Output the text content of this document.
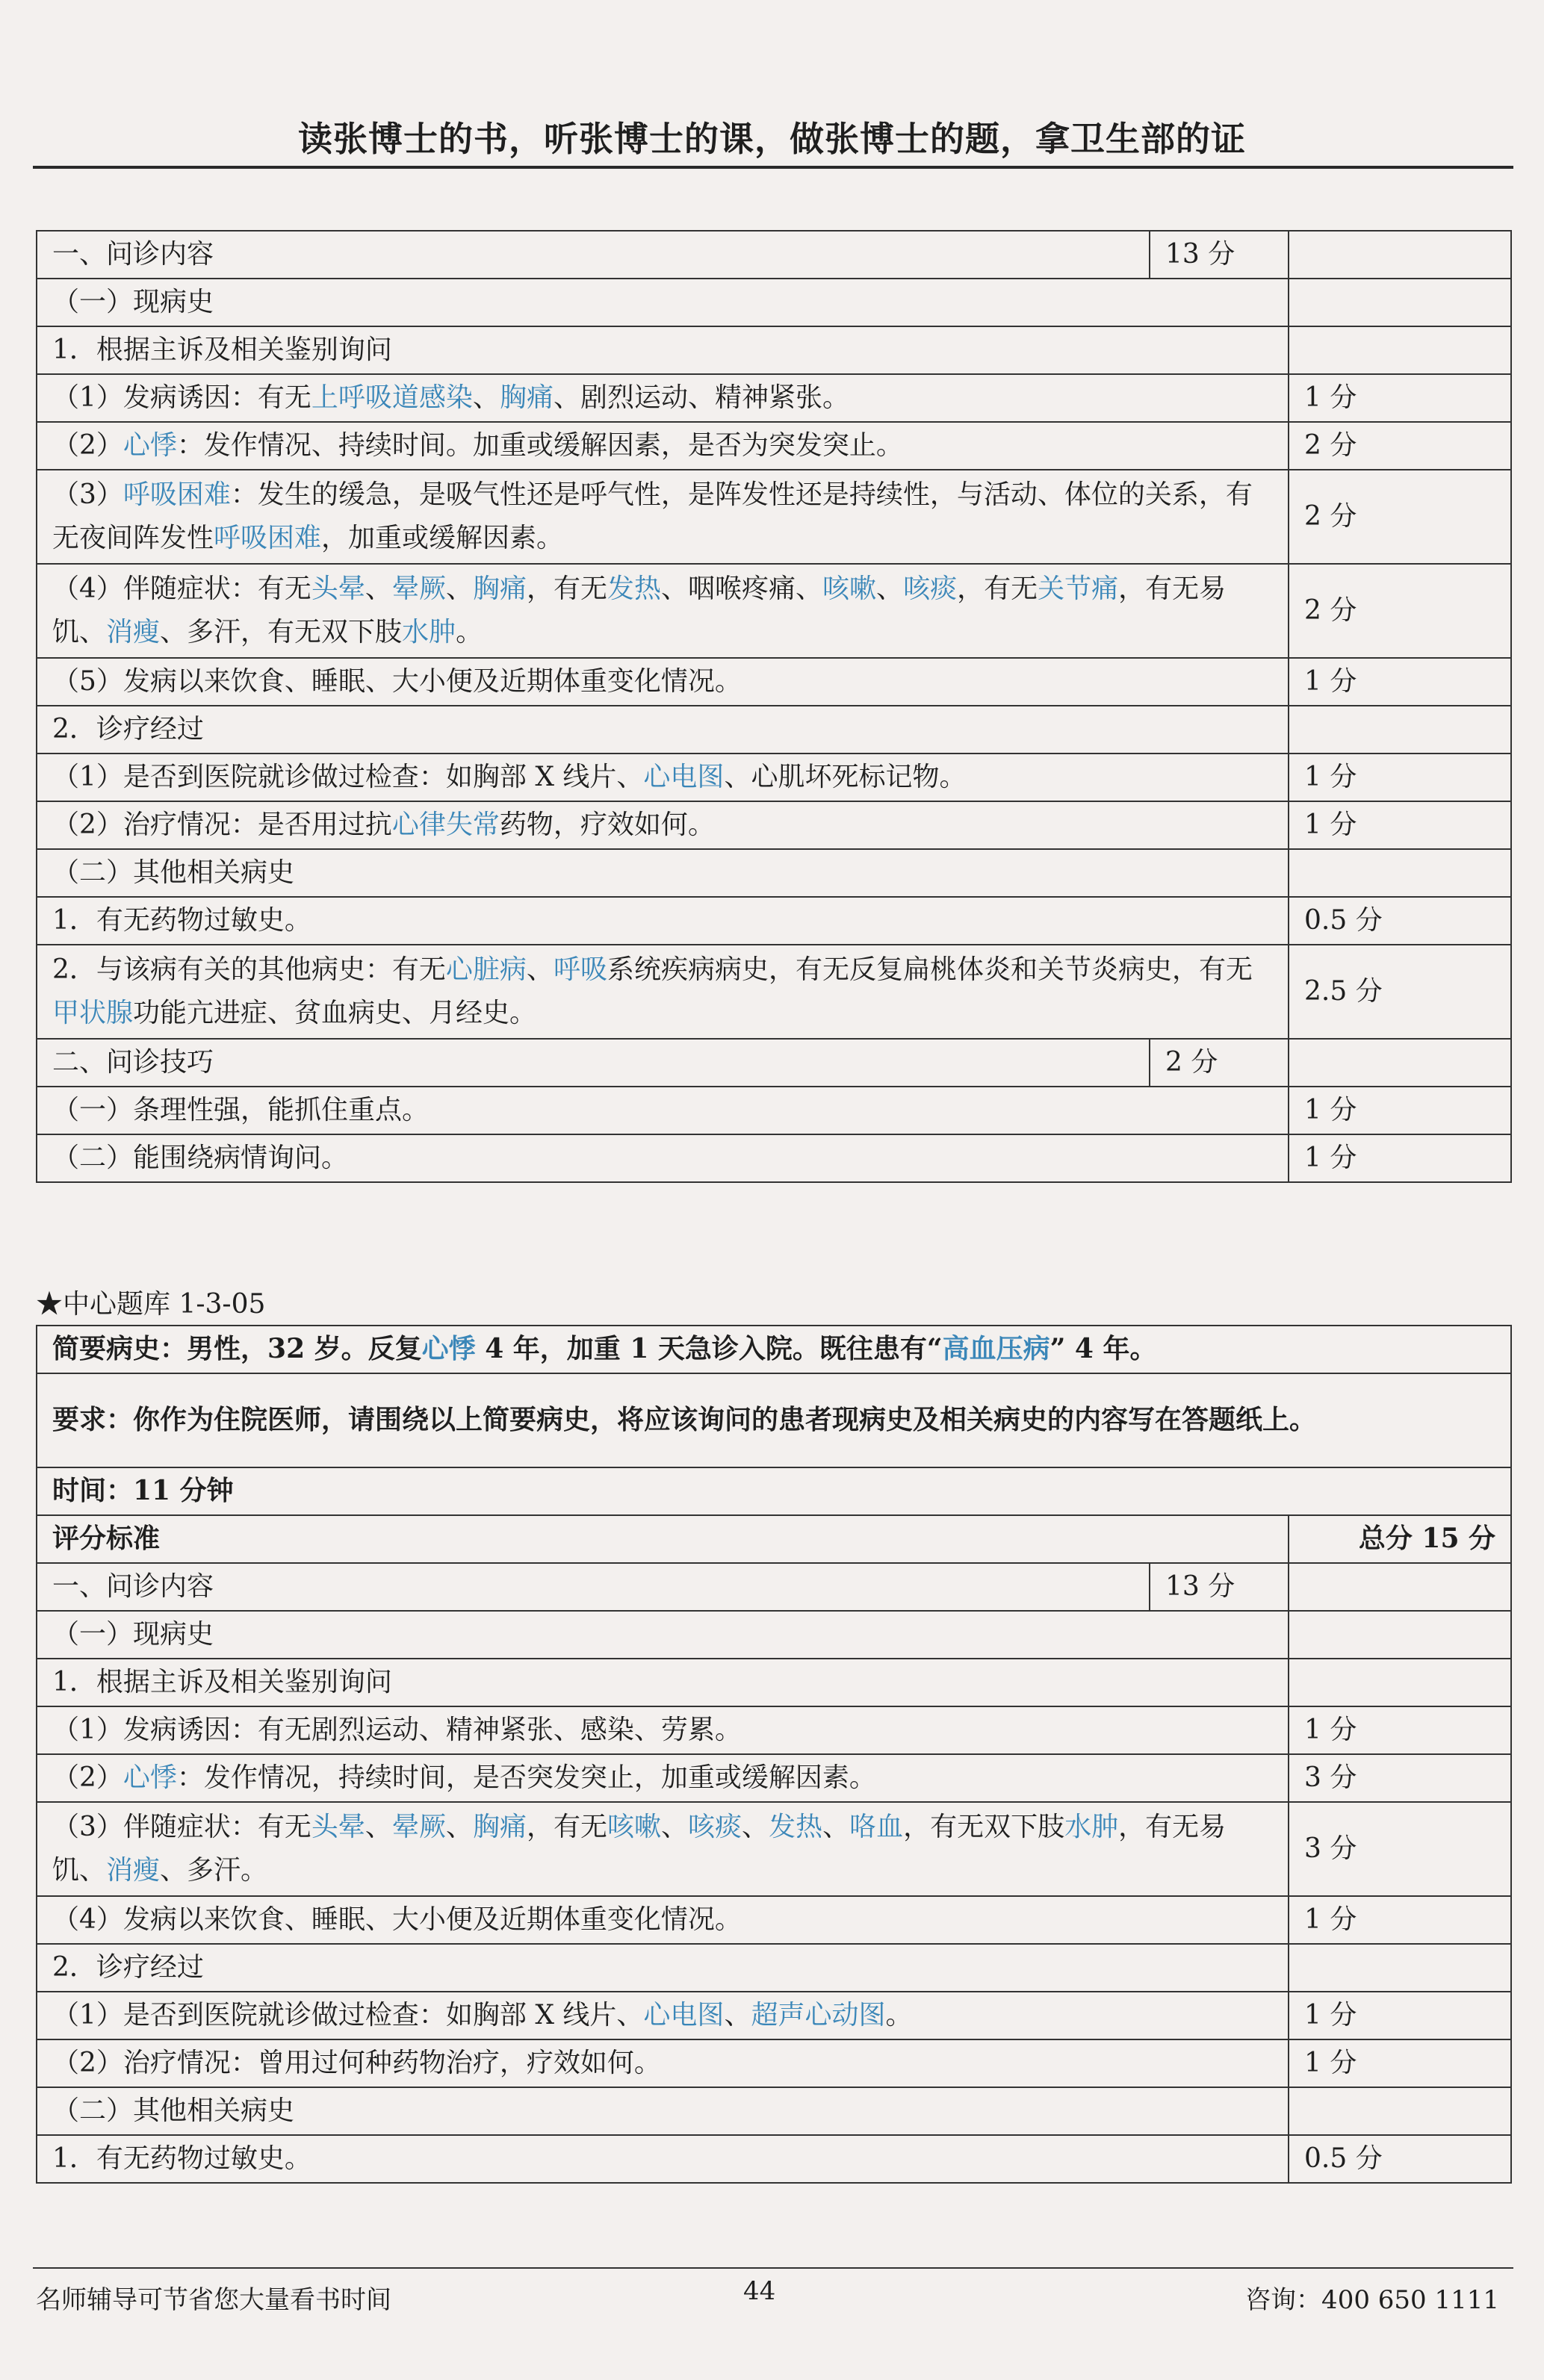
读张博士的书，听张博士的课，做张博士的题，拿卫生部的证
一、问诊内容	13 分	
（一）现病史		
1．根据主诉及相关鉴别询问		
（1）发病诱因：有无上呼吸道感染、胸痛、剧烈运动、精神紧张。		1 分
（2）心悸：发作情况、持续时间。加重或缓解因素，是否为突发突止。		2 分
（3）呼吸困难：发生的缓急，是吸气性还是呼气性，是阵发性还是持续性，与活动、体位的关系，有无夜间阵发性呼吸困难，加重或缓解因素。		2 分
（4）伴随症状：有无头晕、晕厥、胸痛，有无发热、咽喉疼痛、咳嗽、咳痰，有无关节痛，有无易饥、消瘦、多汗，有无双下肢水肿。		2 分
（5）发病以来饮食、睡眠、大小便及近期体重变化情况。		1 分
2．诊疗经过		
（1）是否到医院就诊做过检查：如胸部 X 线片、心电图、心肌坏死标记物。		1 分
（2）治疗情况：是否用过抗心律失常药物，疗效如何。		1 分
（二）其他相关病史		
1．有无药物过敏史。		0.5 分
2．与该病有关的其他病史：有无心脏病、呼吸系统疾病病史，有无反复扁桃体炎和关节炎病史，有无甲状腺功能亢进症、贫血病史、月经史。		2.5 分
二、问诊技巧	2 分	
（一）条理性强，能抓住重点。		1 分
（二）能围绕病情询问。		1 分
★中心题库 1-3-05
简要病史：男性，32 岁。反复心悸 4 年，加重 1 天急诊入院。既往患有“高血压病” 4 年。		
要求：你作为住院医师，请围绕以上简要病史，将应该询问的患者现病史及相关病史的内容写在答题纸上。		
时间：11 分钟		
评分标准		总分 15 分
一、问诊内容	13 分	
（一）现病史		
1．根据主诉及相关鉴别询问		
（1）发病诱因：有无剧烈运动、精神紧张、感染、劳累。		1 分
（2）心悸：发作情况，持续时间，是否突发突止，加重或缓解因素。		3 分
（3）伴随症状：有无头晕、晕厥、胸痛，有无咳嗽、咳痰、发热、咯血，有无双下肢水肿，有无易饥、消瘦、多汗。		3 分
（4）发病以来饮食、睡眠、大小便及近期体重变化情况。		1 分
2．诊疗经过		
（1）是否到医院就诊做过检查：如胸部 X 线片、心电图、超声心动图。		1 分
（2）治疗情况：曾用过何种药物治疗，疗效如何。		1 分
（二）其他相关病史		
1．有无药物过敏史。		0.5 分
名师辅导可节省您大量看书时间	44	咨询：400 650 1111
